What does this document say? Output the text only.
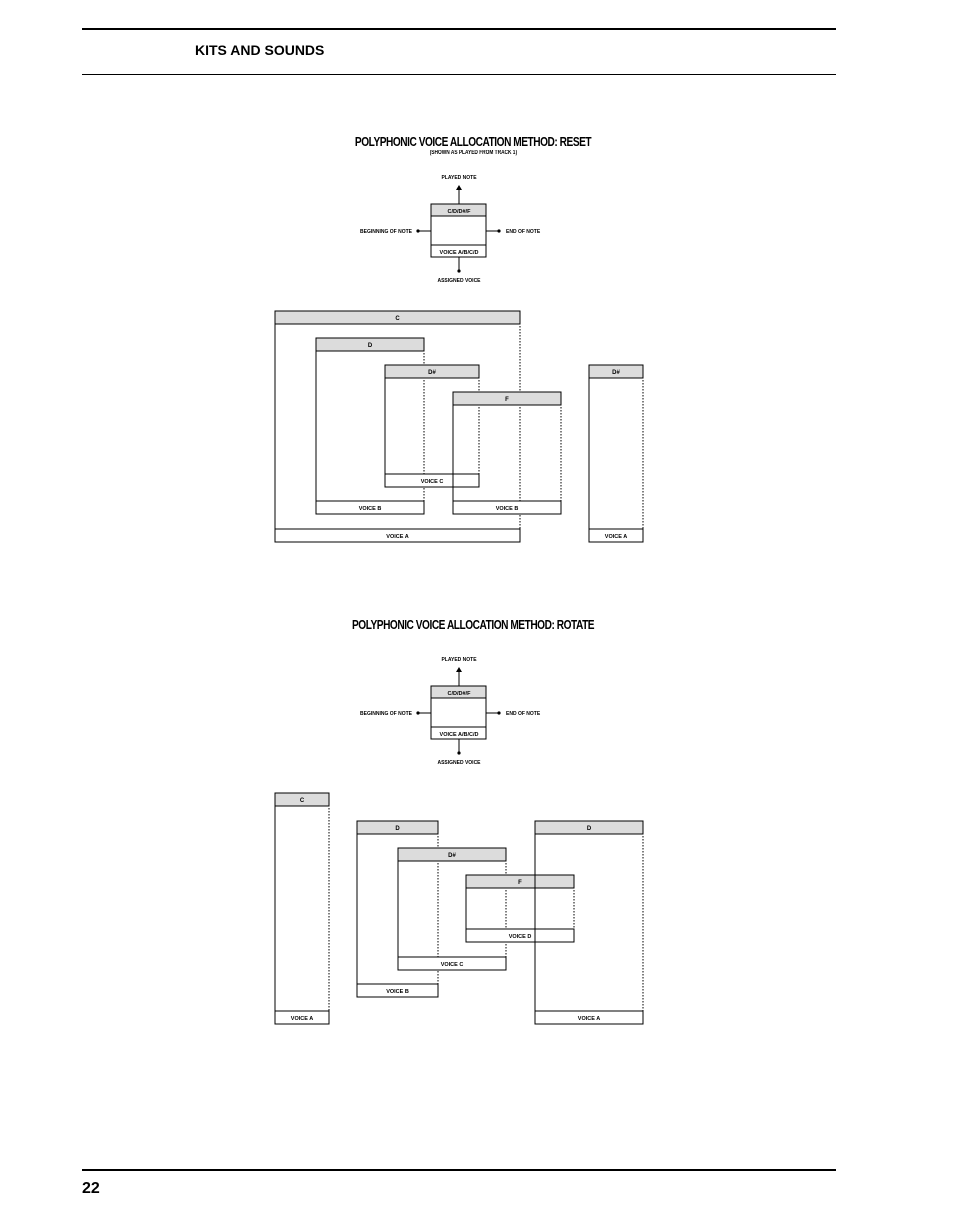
KITS AND SOUNDS
POLYPHONIC VOICE ALLOCATION METHOD: RESET
(SHOWN AS PLAYED FROM TRACK 1)
POLYPHONIC VOICE ALLOCATION METHOD: ROTATE
PLAYED NOTE
C/D/D#/F
VOICE A/B/C/D
BEGINNING OF NOTE	END OF NOTE
ASSIGNED VOICE
PLAYED NOTE
C/D/D#/F
VOICE A/B/C/D
BEGINNING OF NOTE	END OF NOTE
ASSIGNED VOICE
C
VOICE A
D
VOICE B
D#
VOICE C
F
VOICE B
D#
VOICE A
C
VOICE A
D
VOICE B
D#
VOICE C
F
VOICE D
D
VOICE A
22
